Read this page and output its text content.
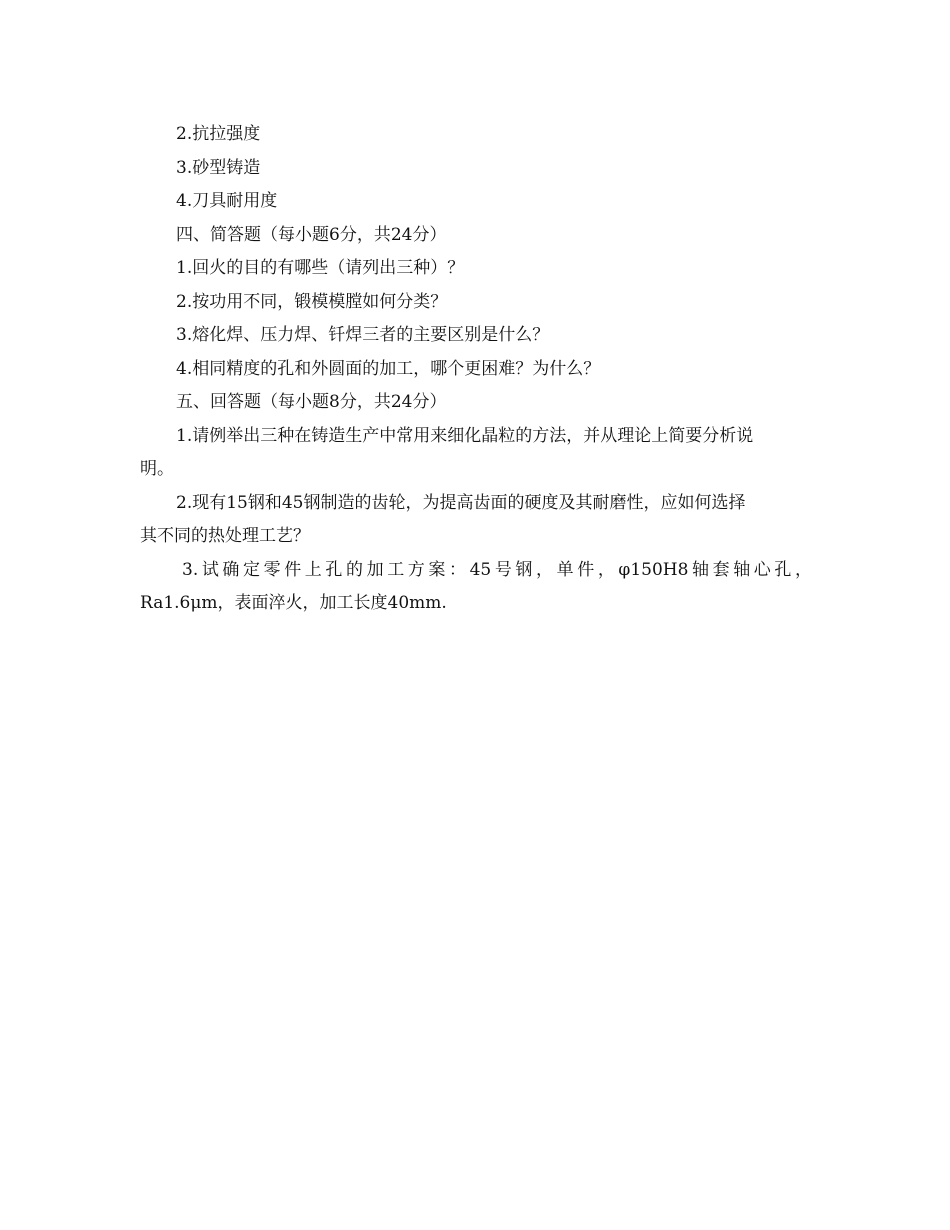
2.抗拉强度
3.砂型铸造
4.刀具耐用度
四、简答题（每小题6分，共24分）
1.回火的目的有哪些（请列出三种）？
2.按功用不同，锻模模膛如何分类？
3.熔化焊、压力焊、钎焊三者的主要区别是什么？
4.相同精度的孔和外圆面的加工，哪个更困难？为什么？
五、回答题（每小题8分，共24分）
1.请例举出三种在铸造生产中常用来细化晶粒的方法，并从理论上简要分析说
明。
2.现有15钢和45钢制造的齿轮，为提高齿面的硬度及其耐磨性，应如何选择
其不同的热处理工艺？
3.试确定零件上孔的加工方案：45号钢，单件，φ150H8轴套轴心孔，
Ra1.6μm，表面淬火，加工长度40mm.
